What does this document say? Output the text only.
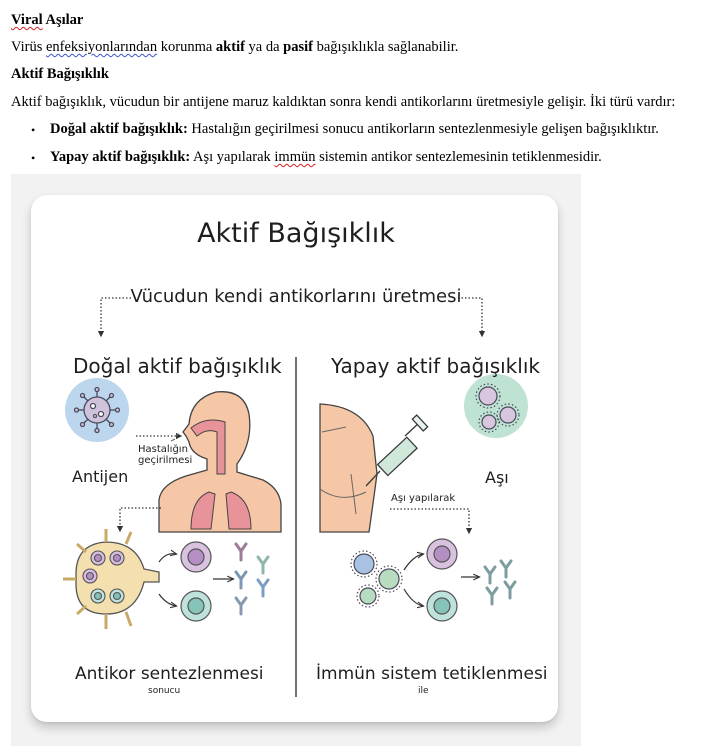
Viral Aşılar
Virüs enfeksiyonlarından korunma aktif ya da pasif bağışıklıkla sağlanabilir.
Aktif Bağışıklık
Aktif bağışıklık, vücudun bir antijene maruz kaldıktan sonra kendi antikorlarını üretmesiyle gelişir. İki türü vardır:
• Doğal aktif bağışıklık: Hastalığın geçirilmesi sonucu antikorların sentezlenmesiyle gelişen bağışıklıktır.
• Yapay aktif bağışıklık: Aşı yapılarak immün sistemin antikor sentezlemesinin tetiklenmesidir.
Aktif Bağışıklık
Vücudun kendi antikorlarını üretmesi
Doğal aktif bağışıklık Yapay aktif bağışıklık
Antijen
Hastalığın
geçirilmesi
Aşı
Aşı yapılarak
Antikor sentezlenmesi
sonucu
İmmün sistem tetiklenmesi
ile
